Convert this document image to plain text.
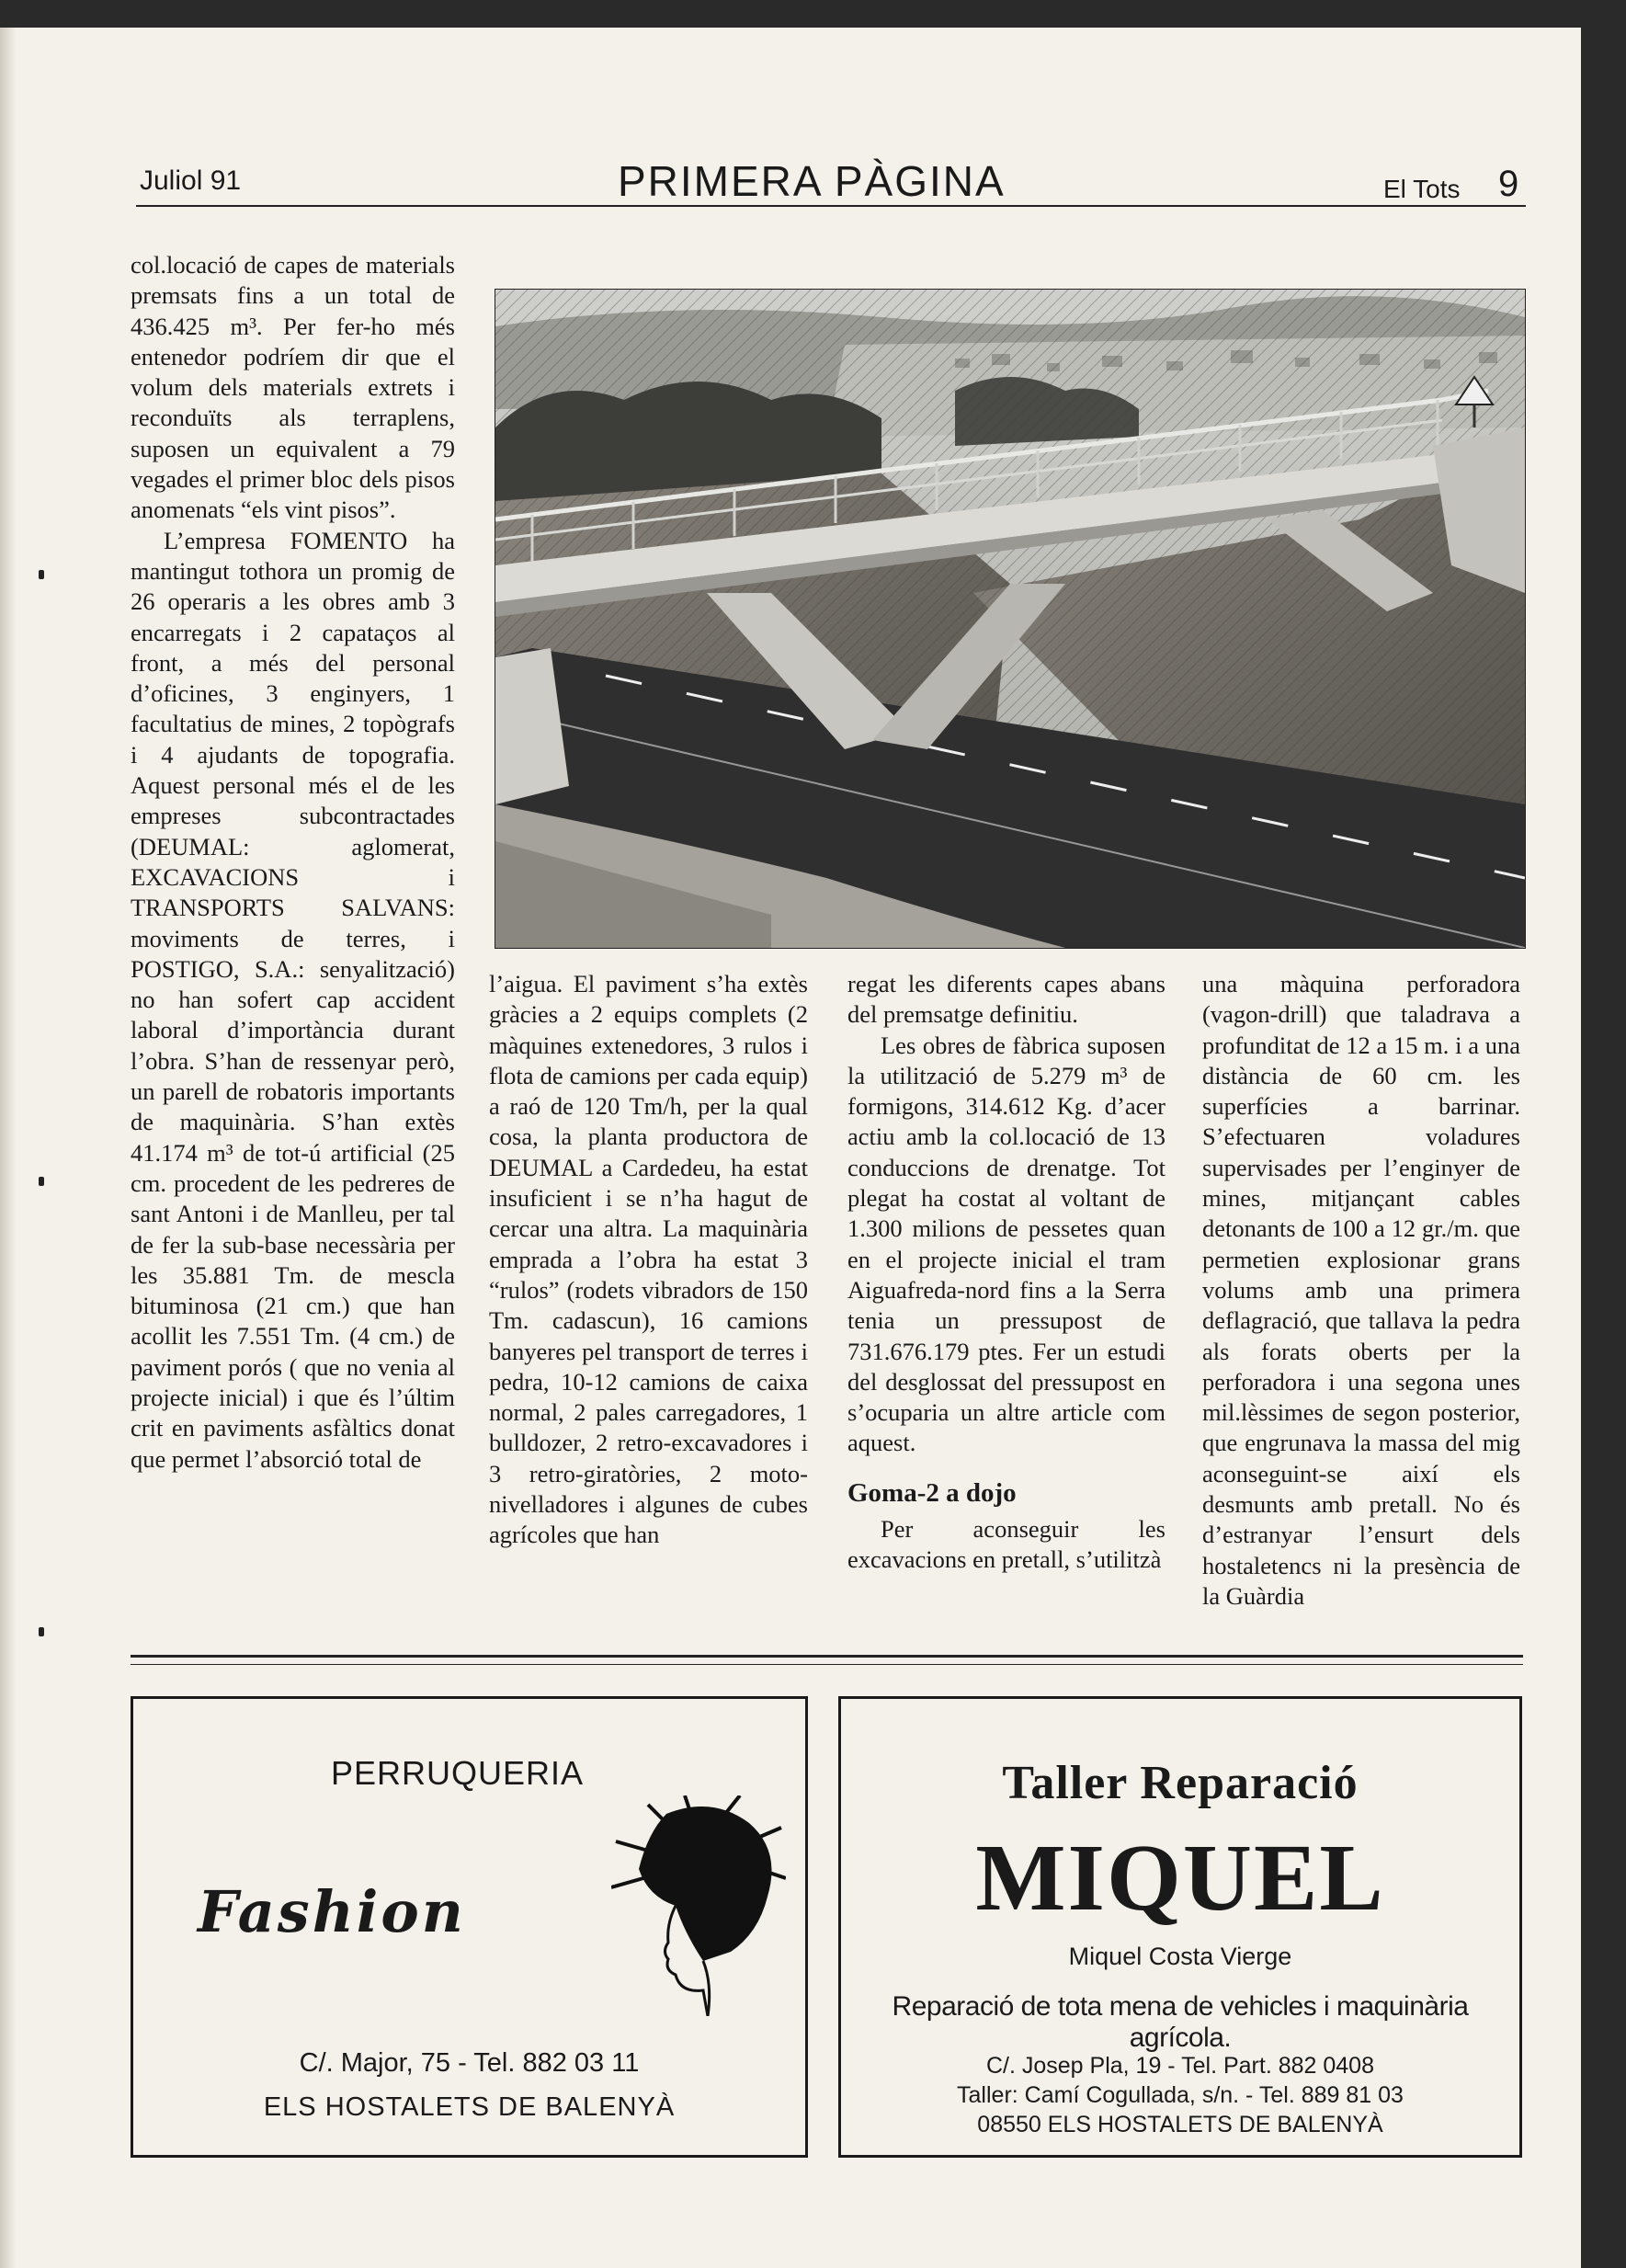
Juliol 91	PRIMERA PÀGINA	El Tots 9

col.locació de capes de materials premsats fins a un total de 436.425 m³. Per fer-ho més entenedor podríem dir que el volum dels materials extrets i reconduïts als terraplens, suposen un equivalent a 79 vegades el primer bloc dels pisos anomenats “els vint pisos”.

L’empresa FOMENTO ha mantingut tothora un promig de 26 operaris a les obres amb 3 encarregats i 2 capataços al front, a més del personal d’oficines, 3 enginyers, 1 facultatius de mines, 2 topògrafs i 4 ajudants de topografia. Aquest personal més el de les empreses subcontractades (DEUMAL: aglomerat, EXCAVACIONS i TRANSPORTS SALVANS: moviments de terres, i POSTIGO, S.A.: senyalització) no han sofert cap accident laboral d’importància durant l’obra. S’han de ressenyar però, un parell de robatoris importants de maquinària. S’han extès 41.174 m³ de tot-ú artificial (25 cm. procedent de les pedreres de sant Antoni i de Manlleu, per tal de fer la sub-base necessària per les 35.881 Tm. de mescla bituminosa (21 cm.) que han acollit les 7.551 Tm. (4 cm.) de paviment porós ( que no venia al projecte inicial) i que és l’últim crit en paviments asfàltics donat que permet l’absorció total de

l’aigua. El paviment s’ha extès gràcies a 2 equips complets (2 màquines extenedores, 3 rulos i flota de camions per cada equip) a raó de 120 Tm/h, per la qual cosa, la planta productora de DEUMAL a Cardedeu, ha estat insuficient i se n’ha hagut de cercar una altra. La maquinària emprada a l’obra ha estat 3 “rulos” (rodets vibradors de 150 Tm. cadascun), 16 camions banyeres pel transport de terres i pedra, 10-12 camions de caixa normal, 2 pales carregadores, 1 bulldozer, 2 retro-excavadores i 3 retro-giratòries, 2 moto-nivelladores i algunes de cubes agrícoles que han

regat les diferents capes abans del premsatge definitiu.

Les obres de fàbrica suposen la utilització de 5.279 m³ de formigons, 314.612 Kg. d’acer actiu amb la col.locació de 13 conduccions de drenatge. Tot plegat ha costat al voltant de 1.300 milions de pessetes quan en el projecte inicial el tram Aiguafreda-nord fins a la Serra tenia un pressupost de 731.676.179 ptes. Fer un estudi del desglossat del pressupost en s’ocuparia un altre article com aquest.

Goma-2 a dojo

Per aconseguir les excavacions en pretall, s’utilitzà

una màquina perforadora (vagon-drill) que taladrava a profunditat de 12 a 15 m. i a una distància de 60 cm. les superfícies a barrinar. S’efectuaren voladures supervisades per l’enginyer de mines, mitjançant cables detonants de 100 a 12 gr./m. que permetien explosionar grans volums amb una primera deflagració, que tallava la pedra als forats oberts per la perforadora i una segona unes mil.lèssimes de segon posterior, que engrunava la massa del mig aconseguint-se així els desmunts amb pretall. No és d’estranyar l’ensurt dels hostaletencs ni la presència de la Guàrdia

PERRUQUERIA
Fashion
C/. Major, 75 - Tel. 882 03 11
ELS HOSTALETS DE BALENYÀ
Taller Reparació
MIQUEL
Miquel Costa Vierge
Reparació de tota mena de vehicles i maquinària agrícola.
C/. Josep Pla, 19 - Tel. Part. 882 0408
Taller: Camí Cogullada, s/n. - Tel. 889 81 03
08550 ELS HOSTALETS DE BALENYÀ
